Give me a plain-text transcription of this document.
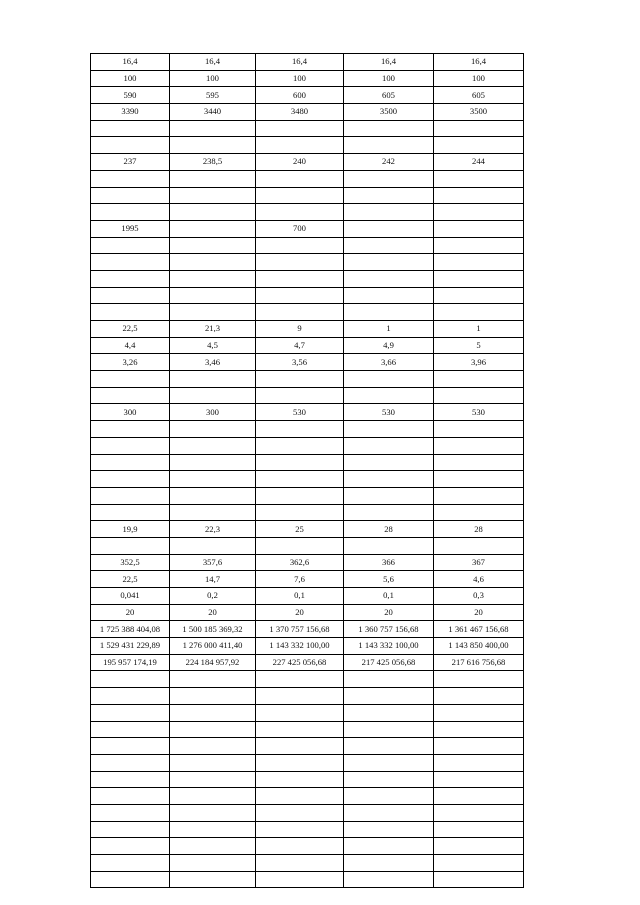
16,4	16,4	16,4	16,4	16,4
100	100	100	100	100
590	595	600	605	605
3390	3440	3480	3500	3500

237	238,5	240	242	244

1995		700		

22,5	21,3	9	1	1
4,4	4,5	4,7	4,9	5
3,26	3,46	3,56	3,66	3,96

300	300	530	530	530

19,9	22,3	25	28	28

352,5	357,6	362,6	366	367
22,5	14,7	7,6	5,6	4,6
0,041	0,2	0,1	0,1	0,3
20	20	20	20	20
1 725 388 404,08	1 500 185 369,32	1 370 757 156,68	1 360 757 156,68	1 361 467 156,68
1 529 431 229,89	1 276 000 411,40	1 143 332 100,00	1 143 332 100,00	1 143 850 400,00
195 957 174,19	224 184 957,92	227 425 056,68	217 425 056,68	217 616 756,68
